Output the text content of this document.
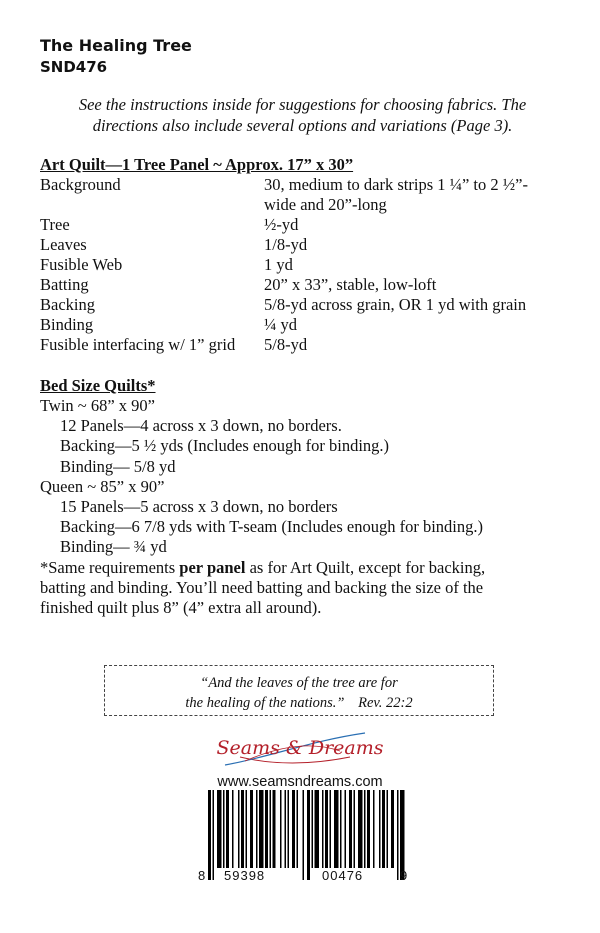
The Healing Tree
SND476
See the instructions inside for suggestions for choosing fabrics. The
directions also include several options and variations (Page 3).
Art Quilt—1 Tree Panel ~ Approx. 17” x 30”
Background	30, medium to dark strips 1 ¼” to 2 ½”-
wide and 20”-long

Tree	½-yd
Leaves	1/8-yd
Fusible Web	1 yd
Batting	20” x 33”, stable, low-loft
Backing	5/8-yd across grain, OR 1 yd with grain
Binding	¼ yd
Fusible interfacing w/ 1” grid	5/8-yd
Bed Size Quilts*
Twin ~ 68” x 90”
12 Panels—4 across x 3 down, no borders.
Backing—5 ½ yds (Includes enough for binding.)
Binding— 5/8 yd
Queen ~ 85” x 90”
15 Panels—5 across x 3 down, no borders
Backing—6 7/8 yds with T-seam (Includes enough for binding.)
Binding— ¾ yd
*Same requirements per panel as for Art Quilt, except for backing,
batting and binding. You’ll need batting and backing the size of the
finished quilt plus 8” (4” extra all around).
“And the leaves of the tree are for
the healing of the nations.” Rev. 22:2
Seams & Dreams
www.seamsndreams.com
8 59398	00476	9
